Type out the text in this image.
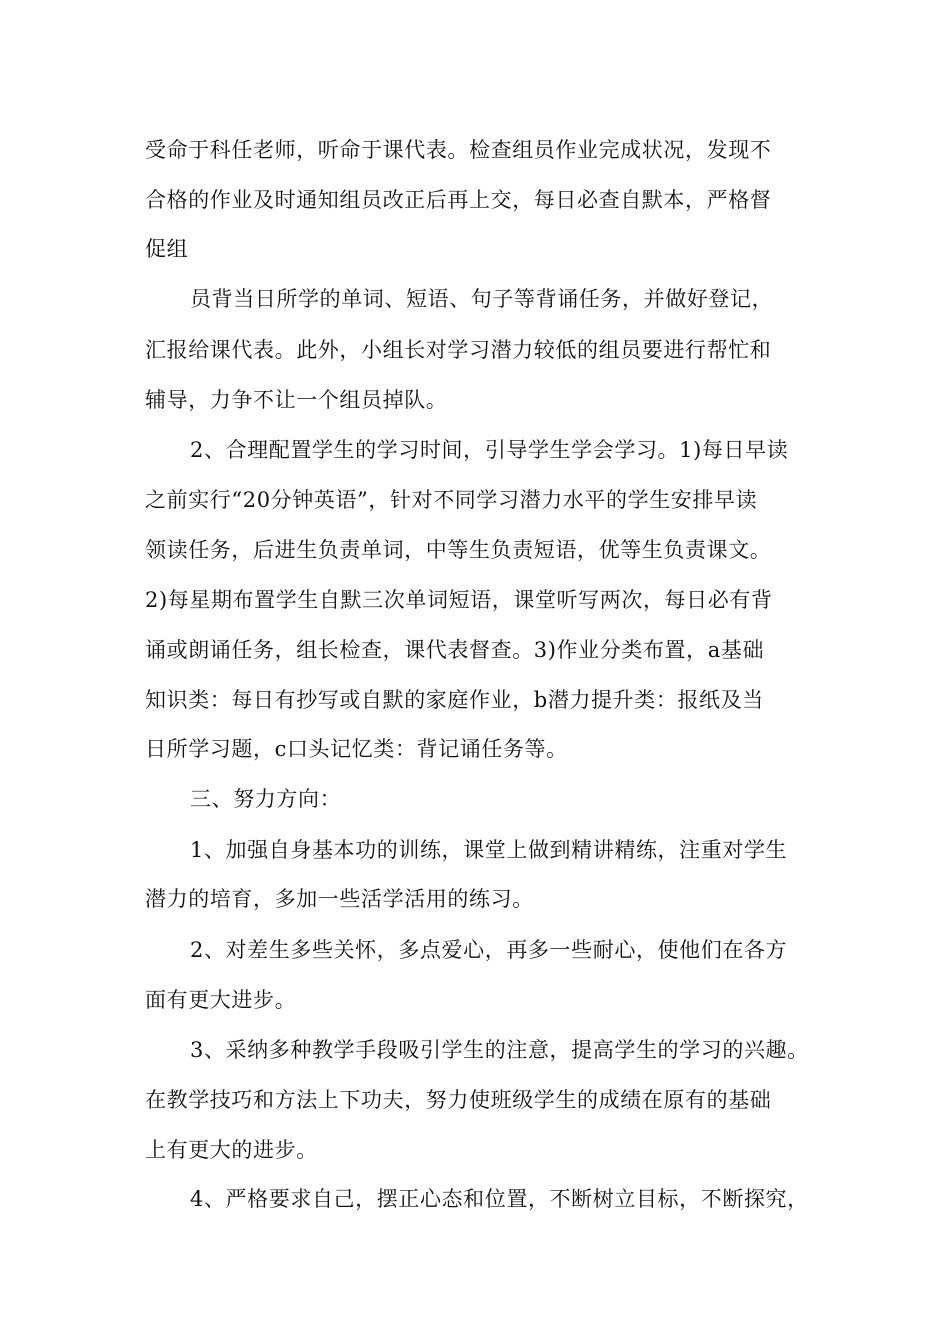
受命于科任老师，听命于课代表。检查组员作业完成状况，发现不

合格的作业及时通知组员改正后再上交，每日必查自默本，严格督

促组

员背当日所学的单词、短语、句子等背诵任务，并做好登记，

汇报给课代表。此外，小组长对学习潜力较低的组员要进行帮忙和

辅导，力争不让一个组员掉队。

2、合理配置学生的学习时间，引导学生学会学习。1)每日早读

之前实行“20分钟英语”，针对不同学习潜力水平的学生安排早读

领读任务，后进生负责单词，中等生负责短语，优等生负责课文。

2)每星期布置学生自默三次单词短语，课堂听写两次，每日必有背

诵或朗诵任务，组长检查，课代表督查。3)作业分类布置，a基础

知识类：每日有抄写或自默的家庭作业，b潜力提升类：报纸及当

日所学习题，c口头记忆类：背记诵任务等。

三、努力方向：

1、加强自身基本功的训练，课堂上做到精讲精练，注重对学生

潜力的培育，多加一些活学活用的练习。

2、对差生多些关怀，多点爱心，再多一些耐心，使他们在各方

面有更大进步。

3、采纳多种教学手段吸引学生的注意，提高学生的学习的兴趣。

在教学技巧和方法上下功夫，努力使班级学生的成绩在原有的基础

上有更大的进步。

4、严格要求自己，摆正心态和位置，不断树立目标，不断探究，
